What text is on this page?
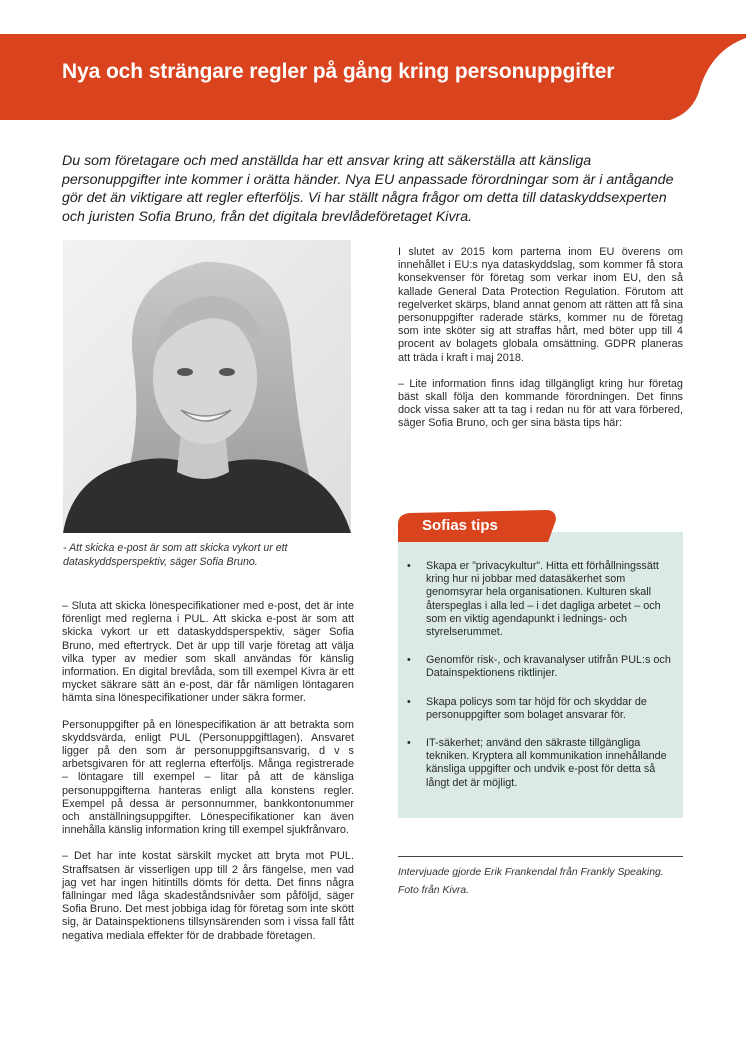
Nya och strängare regler på gång kring personuppgifter
Du som företagare och med anställda har ett ansvar kring att säkerställa att känsliga personuppgifter inte kommer i orätta händer. Nya EU anpassade förordningar som är i antågande gör det än viktigare att regler efterföljs. Vi har ställt några frågor om detta till dataskyddsexperten och juristen Sofia Bruno, från det digitala brevlådeföretaget Kivra.
- Att skicka e-post är som att skicka vykort ur ett dataskyddsperspektiv, säger Sofia Bruno.

– Sluta att skicka lönespecifikationer med e-post, det är inte förenligt med reglerna i PUL. Att skicka e-post är som att skicka vykort ur ett dataskyddsperspektiv, säger Sofia Bruno, med eftertryck. Det är upp till varje företag att välja vilka typer av medier som skall användas för känslig information. En digital brevlåda, som till exempel Kivra är ett mycket säkrare sätt än e-post, där får nämligen löntagaren hämta sina lönespecifikationer under säkra former.

Personuppgifter på en lönespecifikation är att betrakta som skyddsvärda, enligt PUL (Personuppgiftlagen). Ansvaret ligger på den som är personuppgiftsansvarig, d v s arbetsgivaren för att reglerna efterföljs. Många registrerade – löntagare till exempel – litar på att de känsliga personuppgifterna hanteras enligt alla konstens regler. Exempel på dessa är personnummer, bankkontonummer och anställningsuppgifter. Lönespecifikationer kan även innehålla känslig information kring till exempel sjukfrånvaro.

– Det har inte kostat särskilt mycket att bryta mot PUL. Straffsatsen är visserligen upp till 2 års fängelse, men vad jag vet har ingen hitintills dömts för detta. Det finns några fällningar med låga skadeståndsnivåer som påföljd, säger Sofia Bruno. Det mest jobbiga idag för företag som inte skött sig, är Datainspektionens tillsynsärenden som i vissa fall fått negativa mediala effekter för de drabbade företagen.

I slutet av 2015 kom parterna inom EU överens om innehållet i EU:s nya dataskyddslag, som kommer få stora konsekvenser för företag som verkar inom EU, den så kallade General Data Protection Regulation. Förutom att regelverket skärps, bland annat genom att rätten att få sina personuppgifter raderade stärks, kommer nu de företag som inte sköter sig att straffas hårt, med böter upp till 4 procent av bolagets globala omsättning. GDPR planeras att träda i kraft i maj 2018.

– Lite information finns idag tillgängligt kring hur företag bäst skall följa den kommande förordningen. Det finns dock vissa saker att ta tag i redan nu för att vara förbered, säger Sofia Bruno, och ger sina bästa tips här:

Sofias tips
• Skapa er ”privacykultur”. Hitta ett förhållningssätt kring hur ni jobbar med datasäkerhet som genomsyrar hela organisationen. Kulturen skall återspeglas i alla led – i det dagliga arbetet – och som en viktig agendapunkt i lednings- och styrelserummet.
• Genomför risk-, och kravanalyser utifrån PUL:s och Datainspektionens riktlinjer.
• Skapa policys som tar höjd för och skyddar de personuppgifter som bolaget ansvarar för.
• IT-säkerhet; använd den säkraste tillgängliga tekniken. Kryptera all kommunikation innehållande känsliga uppgifter och undvik e-post för detta så långt det är möjligt.
Intervjuade gjorde Erik Frankendal från Frankly Speaking.
Foto från Kivra.
